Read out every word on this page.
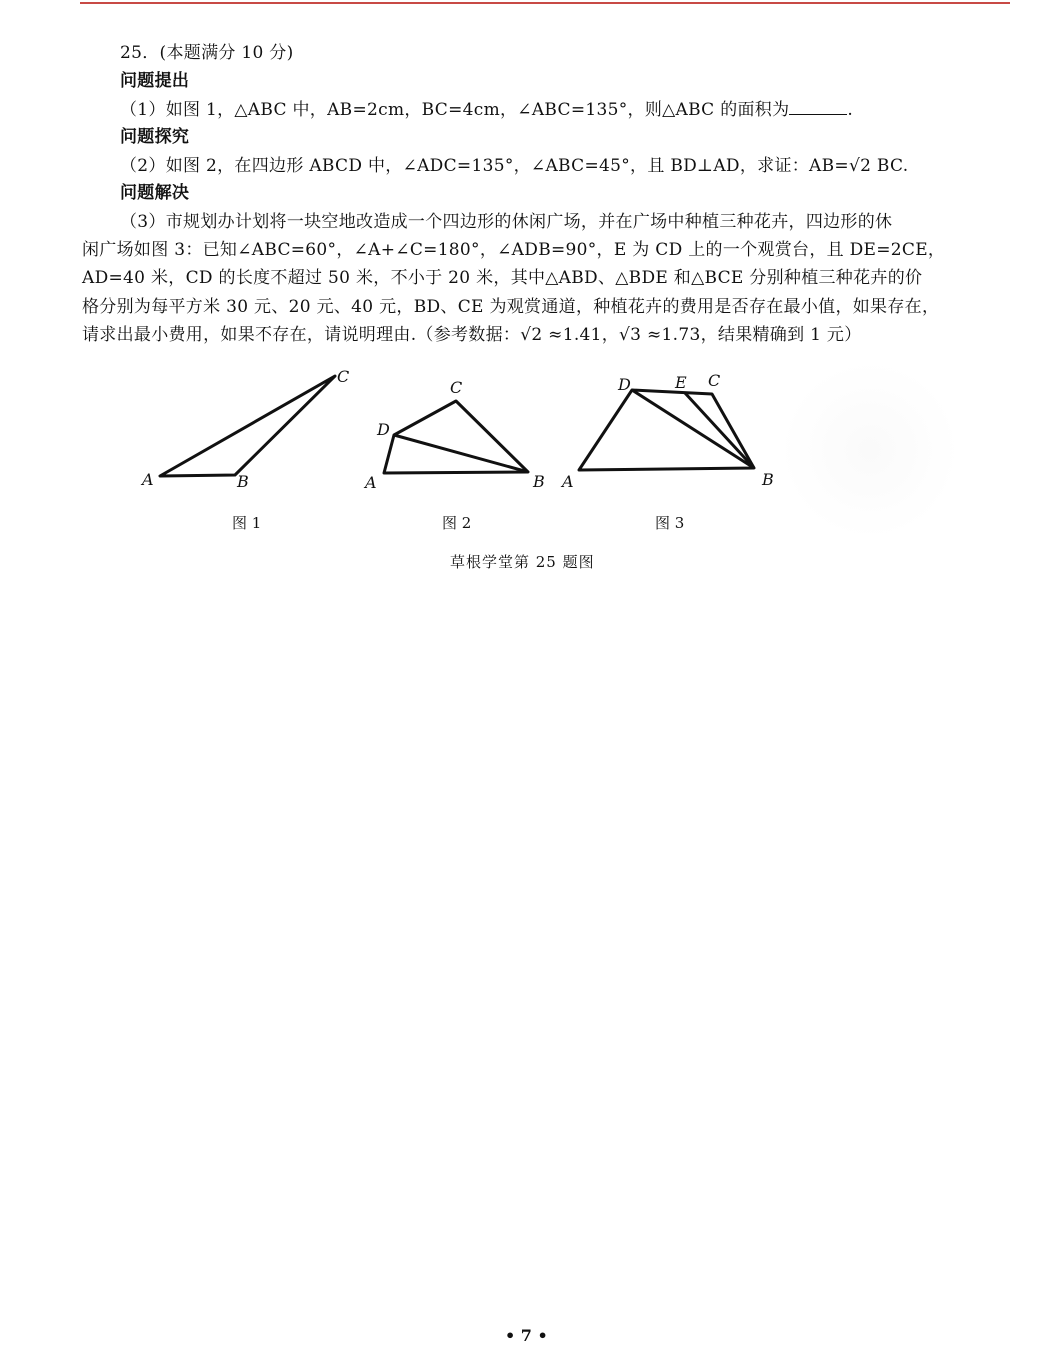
25．(本题满分 10 分)
问题提出
（1）如图 1，△ABC 中，AB=2cm，BC=4cm，∠ABC=135°，则△ABC 的面积为	.
问题探究
（2）如图 2，在四边形 ABCD 中，∠ADC=135°，∠ABC=45°，且 BD⊥AD，求证：AB=√2 BC.
问题解决
（3）市规划办计划将一块空地改造成一个四边形的休闲广场，并在广场中种植三种花卉，四边形的休
闲广场如图 3：已知∠ABC=60°，∠A+∠C=180°，∠ADB=90°，E 为 CD 上的一个观赏台，且 DE=2CE，
AD=40 米，CD 的长度不超过 50 米，不小于 20 米，其中△ABD、△BDE 和△BCE 分别种植三种花卉的价
格分别为每平方米 30 元、20 元、40 元，BD、CE 为观赏通道，种植花卉的费用是否存在最小值，如果存在，
请求出最小费用，如果不存在，请说明理由.（参考数据：√2 ≈1.41，√3 ≈1.73，结果精确到 1 元）
A	B
C
图 1
A	B
C
D
图 2
A	B
C
D	E
图 3
草根学堂第 25 题图
• 7 •
